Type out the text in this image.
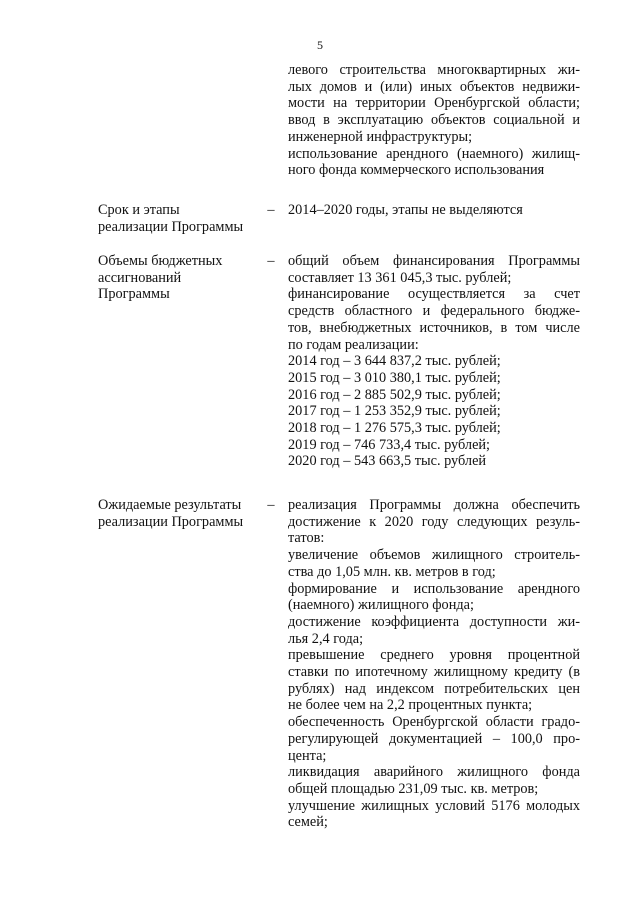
5
левого строительства многоквартирных жи-
лых домов и (или) иных объектов недвижи-
мости на территории Оренбургской области;
ввод в эксплуатацию объектов социальной и
инженерной инфраструктуры;
использование арендного (наемного) жилищ-
ного фонда коммерческого использования
Срок и этапы
реализации Программы
– 2014–2020 годы, этапы не выделяются
Объемы бюджетных
ассигнований
Программы
– общий объем финансирования Программы
составляет 13 361 045,3 тыс. рублей;
финансирование осуществляется за счет
средств областного и федерального бюдже-
тов, внебюджетных источников, в том числе
по годам реализации:
2014 год – 3 644 837,2 тыс. рублей;
2015 год – 3 010 380,1 тыс. рублей;
2016 год – 2 885 502,9 тыс. рублей;
2017 год – 1 253 352,9 тыс. рублей;
2018 год – 1 276 575,3 тыс. рублей;
2019 год – 746 733,4 тыс. рублей;
2020 год – 543 663,5 тыс. рублей
Ожидаемые результаты
реализации Программы
– реализация Программы должна обеспечить
достижение к 2020 году следующих резуль-
татов:
увеличение объемов жилищного строитель-
ства до 1,05 млн. кв. метров в год;
формирование и использование арендного
(наемного) жилищного фонда;
достижение коэффициента доступности жи-
лья 2,4 года;
превышение среднего уровня процентной
ставки по ипотечному жилищному кредиту (в
рублях) над индексом потребительских цен
не более чем на 2,2 процентных пункта;
обеспеченность Оренбургской области градо-
регулирующей документацией – 100,0 про-
цента;
ликвидация аварийного жилищного фонда
общей площадью 231,09 тыс. кв. метров;
улучшение жилищных условий 5176 молодых
семей;
